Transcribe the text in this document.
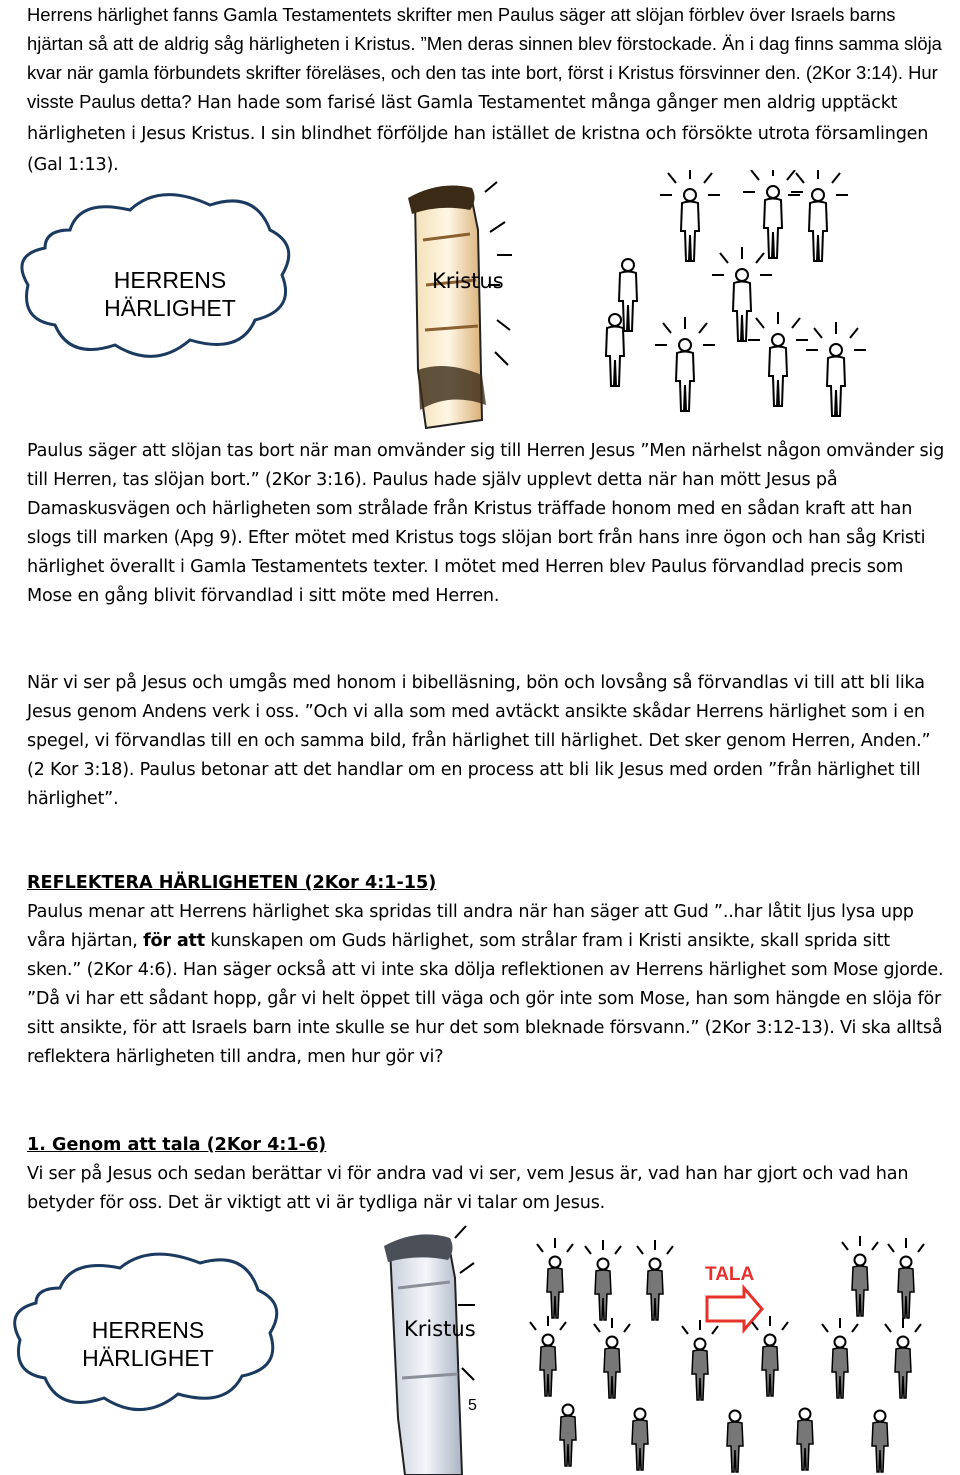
Herrens härlighet fanns Gamla Testamentets skrifter men Paulus säger att slöjan förblev över Israels barns hjärtan så att de aldrig såg härligheten i Kristus. ”Men deras sinnen blev förstockade. Än i dag finns samma slöja kvar när gamla förbundets skrifter föreläses, och den tas inte bort, först i Kristus försvinner den. (2Kor 3:14). Hur visste Paulus detta? Han hade som farisé läst Gamla Testamentet många gånger men aldrig upptäckt härligheten i Jesus Kristus. I sin blindhet förföljde han istället de kristna och försökte utrota församlingen (Gal 1:13).

HERRENS
HÄRLIGHET
Kristus

Paulus säger att slöjan tas bort när man omvänder sig till Herren Jesus ”Men närhelst någon omvänder sig till Herren, tas slöjan bort.” (2Kor 3:16). Paulus hade själv upplevt detta när han mött Jesus på Damaskusvägen och härligheten som strålade från Kristus träffade honom med en sådan kraft att han slogs till marken (Apg 9). Efter mötet med Kristus togs slöjan bort från hans inre ögon och han såg Kristi härlighet överallt i Gamla Testamentets texter. I mötet med Herren blev Paulus förvandlad precis som Mose en gång blivit förvandlad i sitt möte med Herren.

När vi ser på Jesus och umgås med honom i bibelläsning, bön och lovsång så förvandlas vi till att bli lika Jesus genom Andens verk i oss. ”Och vi alla som med avtäckt ansikte skådar Herrens härlighet som i en spegel, vi förvandlas till en och samma bild, från härlighet till härlighet. Det sker genom Herren, Anden.” (2 Kor 3:18). Paulus betonar att det handlar om en process att bli lik Jesus med orden ”från härlighet till härlighet”.

REFLEKTERA HÄRLIGHETEN (2Kor 4:1-15)

Paulus menar att Herrens härlighet ska spridas till andra när han säger att Gud ”..har låtit ljus lysa upp våra hjärtan, för att kunskapen om Guds härlighet, som strålar fram i Kristi ansikte, skall sprida sitt sken.” (2Kor 4:6). Han säger också att vi inte ska dölja reflektionen av Herrens härlighet som Mose gjorde. ”Då vi har ett sådant hopp, går vi helt öppet till väga och gör inte som Mose, han som hängde en slöja för sitt ansikte, för att Israels barn inte skulle se hur det som bleknade försvann.” (2Kor 3:12-13). Vi ska alltså reflektera härligheten till andra, men hur gör vi?

1. Genom att tala (2Kor 4:1-6)

Vi ser på Jesus och sedan berättar vi för andra vad vi ser, vem Jesus är, vad han har gjort och vad han betyder för oss. Det är viktigt att vi är tydliga när vi talar om Jesus.

HERRENS
HÄRLIGHET
Kristus
TALA
5
